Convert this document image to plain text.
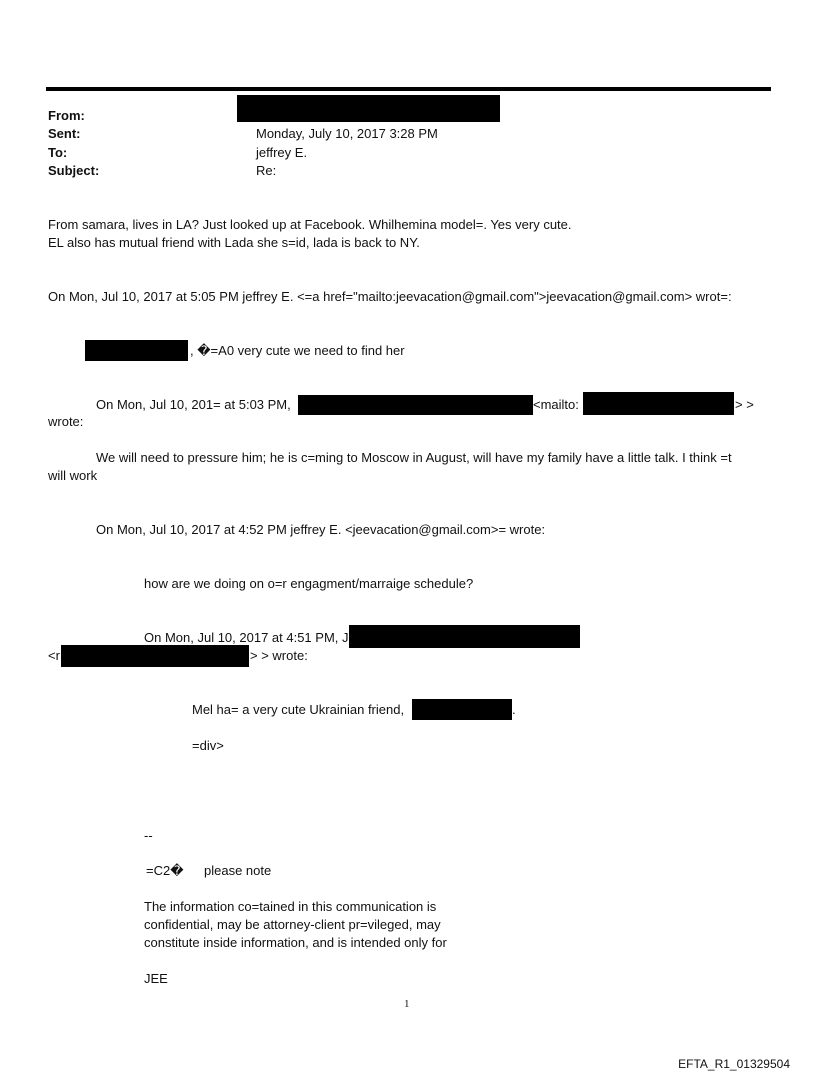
From:
Sent:	Monday, July 10, 2017 3:28 PM
To:	jeffrey E.
Subject:	Re:
From samara, lives in LA? Just looked up at Facebook. Whilhemina model=. Yes very cute.
EL also has mutual friend with Lada she s=id, lada is back to NY.
On Mon, Jul 10, 2017 at 5:05 PM jeffrey E. <=a href="mailto:jeevacation@gmail.com">jeevacation@gmail.com> wrot=:
, �=A0 very cute we need to find her
On Mon, Jul 10, 201= at 5:03 PM,	<mailto:	> >
wrote:
We will need to pressure him; he is c=ming to Moscow in August, will have my family have a little talk. I think =t
will work
On Mon, Jul 10, 2017 at 4:52 PM jeffrey E. <jeevacation@gmail.com>= wrote:
how are we doing on o=r engagment/marraige schedule?
On Mon, Jul 10, 2017 at 4:51 PM, J
<r	> > wrote:
Mel ha= a very cute Ukrainian friend,	.
=div>
--
=C2� please note
The information co=tained in this communication is
confidential, may be attorney-client pr=vileged, may
constitute inside information, and is intended only for
JEE
1
EFTA_R1_01329504
